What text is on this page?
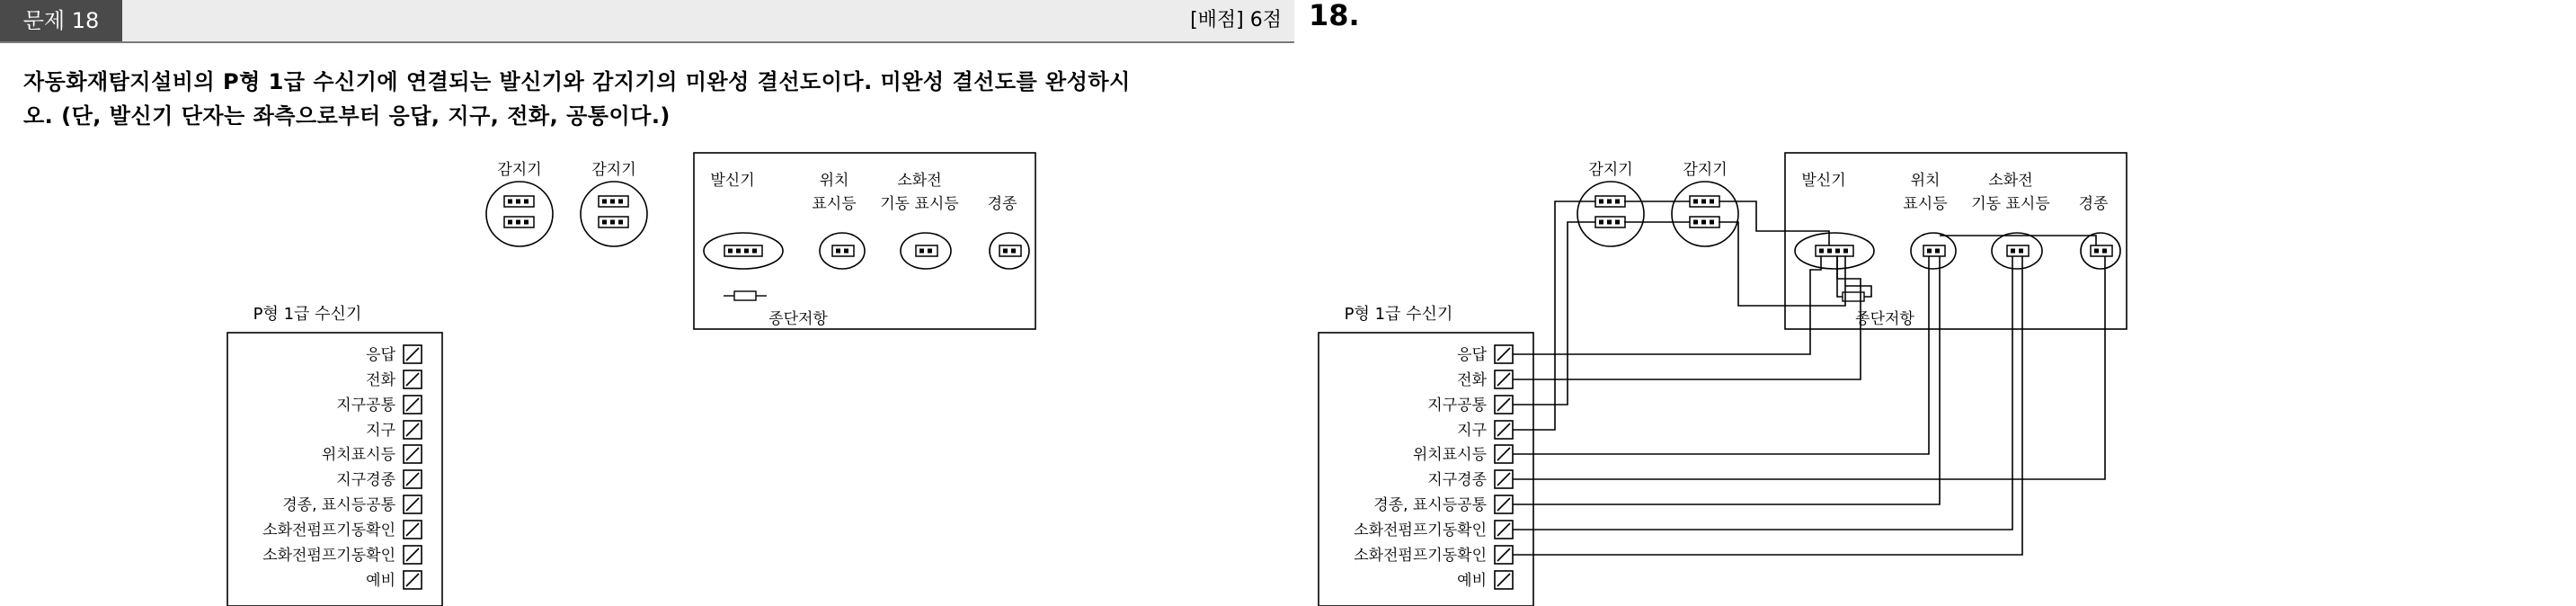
문제 18	[배점] 6점 18.
자동화재탐지설비의 P형 1급 수신기에 연결되는 발신기와 감지기의 미완성 결선도이다. 미완성 결선도를 완성하시
오. (단, 발신기 단자는 좌측으로부터 응답, 지구, 전화, 공통이다.)
감지기	감지기
발신기	위치
표시등
소화전
기동 표시등 경종
종단저항
P형 1급 수신기
응답
전화
지구공통
지구
위치표시등
지구경종
경종, 표시등공통
소화전펌프기동확인
소화전펌프기동확인
예비
감지기	감지기
발신기	위치
표시등
소화전
기동 표시등 경종
P형 1급 수신기
응답
전화
지구공통
지구
위치표시등
지구경종
경종, 표시등공통
소화전펌프기동확인
소화전펌프기동확인
예비
종단저항
